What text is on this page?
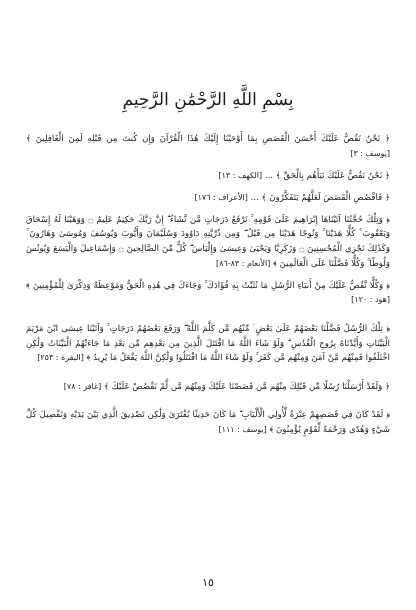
بِسْمِ اللَّهِ الرَّحْمَٰنِ الرَّحِيمِ

﴿ نَحْنُ نَقُصُّ عَلَيْكَ أَحْسَنَ الْقَصَصِ بِمَا أَوْحَيْنَا إِلَيْكَ هَٰذَا الْقُرْآنَ وَإِن كُنتَ مِن قَبْلِهِ لَمِنَ الْغَافِلِينَ ﴾ [يوسف : ٣]

﴿ نَحْنُ نَقُصُّ عَلَيْكَ نَبَأَهُم بِالْحَقِّ ﴾ ... [الكهف : ١٣]

﴿ فَاقْصُصِ الْقَصَصَ لَعَلَّهُمْ يَتَفَكَّرُونَ ﴾ ... [الأعراف : ١٧٦]

﴿ وَتِلْكَ حُجَّتُنَا آتَيْنَاهَا إِبْرَاهِيمَ عَلَىٰ قَوْمِهِ ۚ نَرْفَعُ دَرَجَاتٍ مَّن نَّشَاءُ ۗ إِنَّ رَبَّكَ حَكِيمٌ عَلِيمٌ ۝ وَوَهَبْنَا لَهُ إِسْحَاقَ وَيَعْقُوبَ ۚ كُلًّا هَدَيْنَا ۚ وَنُوحًا هَدَيْنَا مِن قَبْلُ ۖ وَمِن ذُرِّيَّتِهِ دَاوُودَ وَسُلَيْمَانَ وَأَيُّوبَ وَيُوسُفَ وَمُوسَىٰ وَهَارُونَ ۚ وَكَذَٰلِكَ نَجْزِي الْمُحْسِنِينَ ۝ وَزَكَرِيَّا وَيَحْيَىٰ وَعِيسَىٰ وَإِلْيَاسَ ۖ كُلٌّ مِّنَ الصَّالِحِينَ ۝ وَإِسْمَاعِيلَ وَالْيَسَعَ وَيُونُسَ وَلُوطًا ۚ وَكُلًّا فَضَّلْنَا عَلَى الْعَالَمِينَ ﴾ [الأنعام : ٨٣-٨٦]

﴿ وَكُلًّا نَّقُصُّ عَلَيْكَ مِنْ أَنبَاءِ الرُّسُلِ مَا نُثَبِّتُ بِهِ فُؤَادَكَ ۚ وَجَاءَكَ فِي هَٰذِهِ الْحَقُّ وَمَوْعِظَةٌ وَذِكْرَىٰ لِلْمُؤْمِنِينَ ﴾ [هود : ١٢٠]

﴿ تِلْكَ الرُّسُلُ فَضَّلْنَا بَعْضَهُمْ عَلَىٰ بَعْضٍ ۘ مِّنْهُم مَّن كَلَّمَ اللَّهُ ۖ وَرَفَعَ بَعْضَهُمْ دَرَجَاتٍ ۚ وَآتَيْنَا عِيسَى ابْنَ مَرْيَمَ الْبَيِّنَاتِ وَأَيَّدْنَاهُ بِرُوحِ الْقُدُسِ ۗ وَلَوْ شَاءَ اللَّهُ مَا اقْتَتَلَ الَّذِينَ مِن بَعْدِهِم مِّن بَعْدِ مَا جَاءَتْهُمُ الْبَيِّنَاتُ وَلَٰكِنِ اخْتَلَفُوا فَمِنْهُم مَّنْ آمَنَ وَمِنْهُم مَّن كَفَرَ ۚ وَلَوْ شَاءَ اللَّهُ مَا اقْتَتَلُوا وَلَٰكِنَّ اللَّهَ يَفْعَلُ مَا يُرِيدُ ﴾ [البقرة : ٢٥٣]

﴿ وَلَقَدْ أَرْسَلْنَا رُسُلًا مِّن قَبْلِكَ مِنْهُم مَّن قَصَصْنَا عَلَيْكَ وَمِنْهُم مَّن لَّمْ نَقْصُصْ عَلَيْكَ ﴾ [غافر : ٧٨]

﴿ لَقَدْ كَانَ فِي قَصَصِهِمْ عِبْرَةٌ لِّأُولِي الْأَلْبَابِ ۗ مَا كَانَ حَدِيثًا يُفْتَرَىٰ وَلَٰكِن تَصْدِيقَ الَّذِي بَيْنَ يَدَيْهِ وَتَفْصِيلَ كُلِّ شَيْءٍ وَهُدًى وَرَحْمَةً لِّقَوْمٍ يُؤْمِنُونَ ﴾ [يوسف : ١١١]

١٥
